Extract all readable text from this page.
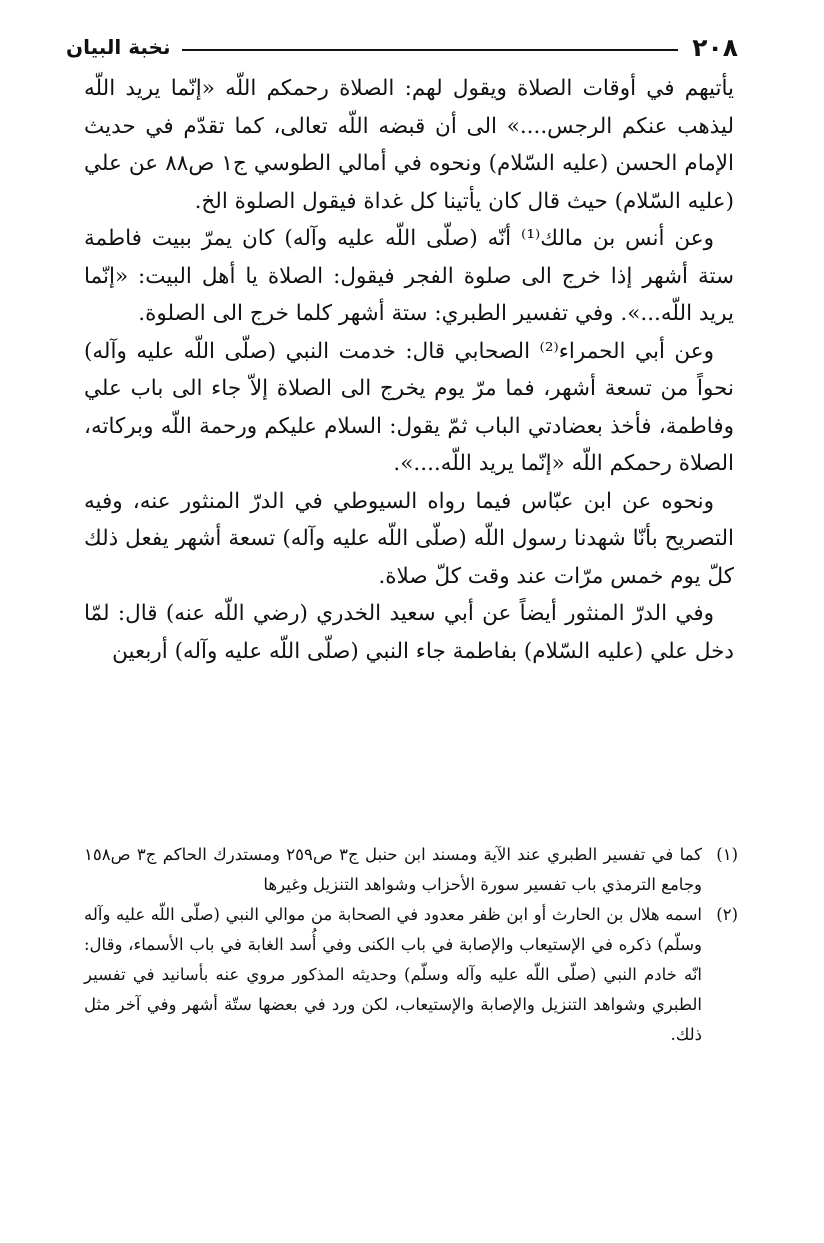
٢٠٨
نخبة البيان

يأتيهم في أوقات الصلاة ويقول لهم: الصلاة رحمكم اللّه «إنّما يريد اللّه ليذهب عنكم الرجس....» الى أن قبضه اللّه تعالى، كما تقدّم في حديث الإمام الحسن (عليه السّلام) ونحوه في أمالي الطوسي ج١ ص٨٨ عن علي (عليه السّلام) حيث قال كان يأتينا كل غداة فيقول الصلوة الخ.

وعن أنس بن مالك⁽¹⁾ أنّه (صلّى اللّه عليه وآله) كان يمرّ ببيت فاطمة ستة أشهر إذا خرج الى صلوة الفجر فيقول: الصلاة يا أهل البيت: «إنّما يريد اللّه...». وفي تفسير الطبري: ستة أشهر كلما خرج الى الصلوة.

وعن أبي الحمراء⁽²⁾ الصحابي قال: خدمت النبي (صلّى اللّه عليه وآله) نحواً من تسعة أشهر، فما مرّ يوم يخرج الى الصلاة إلاّ جاء الى باب علي وفاطمة، فأخذ بعضادتي الباب ثمّ يقول: السلام عليكم ورحمة اللّه وبركاته، الصلاة رحمكم اللّه «إنّما يريد اللّه....».

ونحوه عن ابن عبّاس فيما رواه السيوطي في الدرّ المنثور عنه، وفيه التصريح بأنّا شهدنا رسول اللّه (صلّى اللّه عليه وآله) تسعة أشهر يفعل ذلك كلّ يوم خمس مرّات عند وقت كلّ صلاة.

وفي الدرّ المنثور أيضاً عن أبي سعيد الخدري (رضي اللّه عنه) قال: لمّا دخل علي (عليه السّلام) بفاطمة جاء النبي (صلّى اللّه عليه وآله) أربعين

(١)
كما في تفسير الطبري عند الآية ومسند ابن حنبل ج٣ ص٢٥٩ ومستدرك الحاكم ج٣ ص١٥٨ وجامع الترمذي باب تفسير سورة الأحزاب وشواهد التنزيل وغيرها
(٢)
اسمه هلال بن الحارث أو ابن ظفر معدود في الصحابة من موالي النبي (صلّى اللّه عليه وآله وسلّم) ذكره في الإستيعاب والإصابة في باب الكنى وفي أُسد الغابة في باب الأسماء، وقال: انّه خادم النبي (صلّى اللّه عليه وآله وسلّم) وحديثه المذكور مروي عنه بأسانيد في تفسير الطبري وشواهد التنزيل والإصابة والإستيعاب، لكن ورد في بعضها ستّة أشهر وفي آخر مثل ذلك.
